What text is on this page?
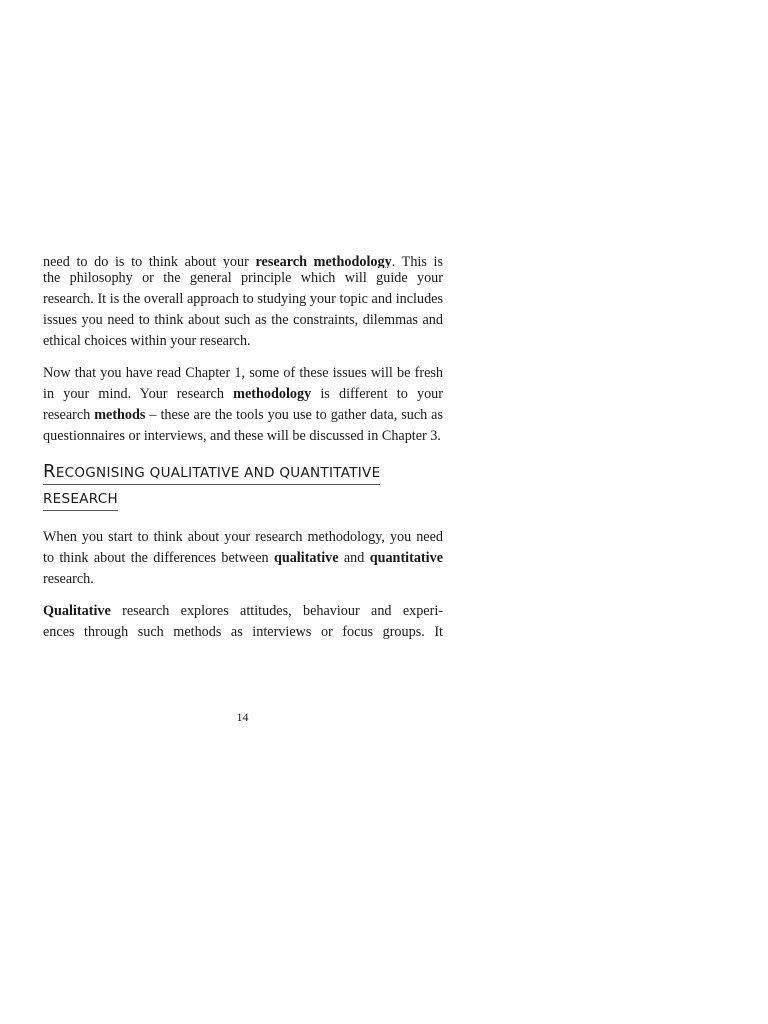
need to do is to think about your research methodology. This is
the philosophy or the general principle which will guide your research. It is the overall approach to studying your topic and includes issues you need to think about such as the constraints, dilemmas and ethical choices within your research.
Now that you have read Chapter 1, some of these issues will be fresh in your mind. Your research methodology is different to your research methods – these are the tools you use to gather data, such as questionnaires or interviews, and these will be discussed in Chapter 3.
RECOGNISING QUALITATIVE AND QUANTITATIVE
RESEARCH
When you start to think about your research methodology, you need to think about the differences between qualitative and quantitative research.
Qualitative research explores attitudes, behaviour and experi-
ences through such methods as interviews or focus groups. It
14
